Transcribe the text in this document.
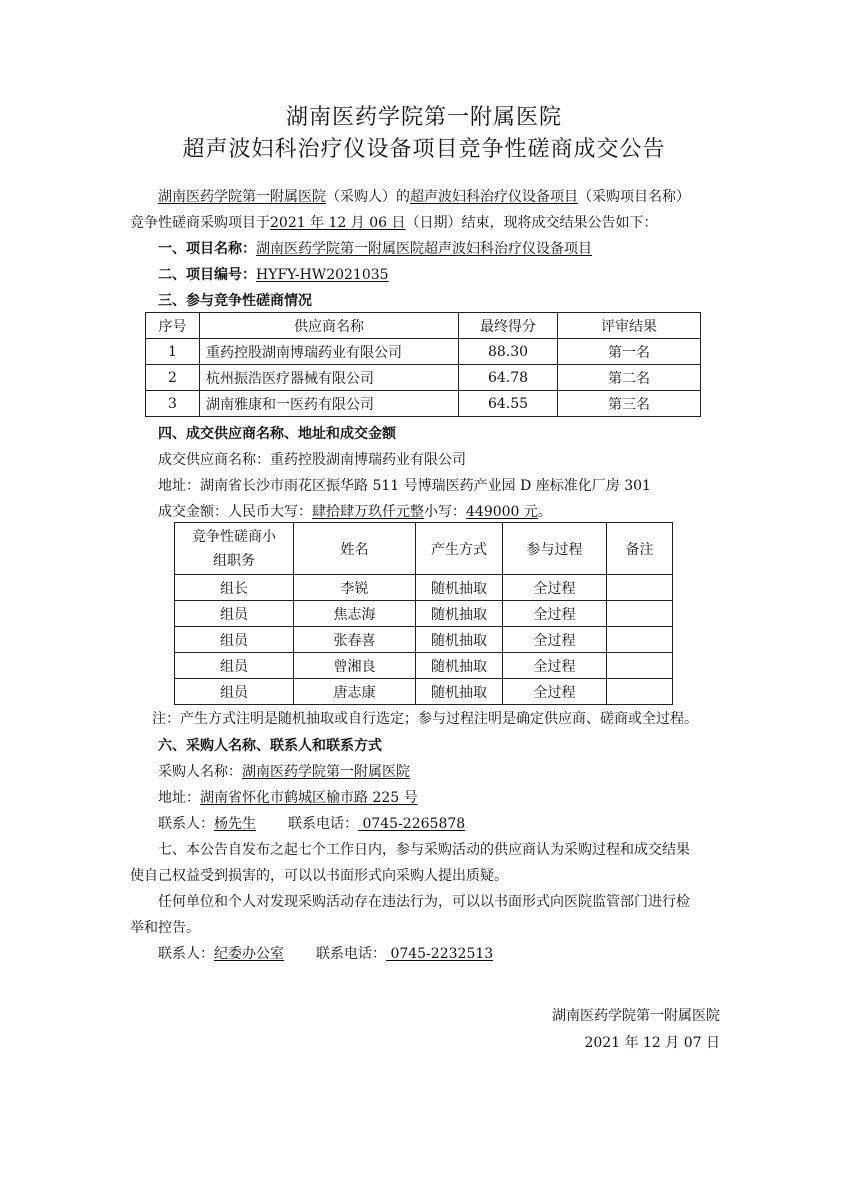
湖南医药学院第一附属医院
超声波妇科治疗仪设备项目竞争性磋商成交公告
湖南医药学院第一附属医院（采购人）的超声波妇科治疗仪设备项目（采购项目名称）
竞争性磋商采购项目于2021 年 12 月 06 日（日期）结束，现将成交结果公告如下：
一、项目名称：湖南医药学院第一附属医院超声波妇科治疗仪设备项目
二、项目编号：HYFY-HW2021035
三、参与竞争性磋商情况
序号	供应商名称	最终得分	评审结果
1	重药控股湖南博瑞药业有限公司	88.30	第一名
2	杭州振浩医疗器械有限公司	64.78	第二名
3	湖南雅康和一医药有限公司	64.55	第三名
四、成交供应商名称、地址和成交金额
成交供应商名称：重药控股湖南博瑞药业有限公司
地址：湖南省长沙市雨花区振华路 511 号博瑞医药产业园 D 座标准化厂房 301
成交金额：人民币大写：肆拾肆万玖仟元整小写：449000 元。
竞争性磋商小
组职务	姓名	产生方式	参与过程	备注
组长	李锐	随机抽取	全过程	
组员	焦志海	随机抽取	全过程	
组员	张春喜	随机抽取	全过程	
组员	曾湘良	随机抽取	全过程	
组员	唐志康	随机抽取	全过程	
注：产生方式注明是随机抽取或自行选定；参与过程注明是确定供应商、磋商或全过程。
六、采购人名称、联系人和联系方式
采购人名称：湖南医药学院第一附属医院
地址：湖南省怀化市鹤城区榆市路 225 号
联系人：杨先生 联系电话： 0745-2265878
七、本公告自发布之起七个工作日内，参与采购活动的供应商认为采购过程和成交结果
使自己权益受到损害的，可以以书面形式向采购人提出质疑。
任何单位和个人对发现采购活动存在违法行为，可以以书面形式向医院监管部门进行检
举和控告。
联系人：纪委办公室 联系电话： 0745-2232513
湖南医药学院第一附属医院
2021 年 12 月 07 日
